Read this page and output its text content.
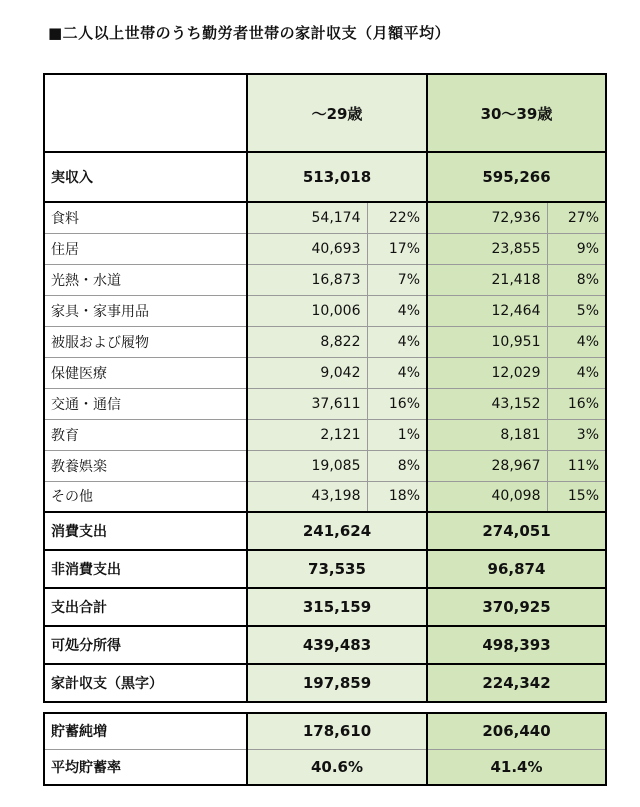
■二人以上世帯のうち勤労者世帯の家計収支（月額平均）
	～29歳		30～39歳	
実収入	513,018		595,266	
食料	54,174	22%	72,936	27%
住居	40,693	17%	23,855	9%
光熱・水道	16,873	7%	21,418	8%
家具・家事用品	10,006	4%	12,464	5%
被服および履物	8,822	4%	10,951	4%
保健医療	9,042	4%	12,029	4%
交通・通信	37,611	16%	43,152	16%
教育	2,121	1%	8,181	3%
教養娯楽	19,085	8%	28,967	11%
その他	43,198	18%	40,098	15%
消費支出	241,624		274,051	
非消費支出	73,535		96,874	
支出合計	315,159		370,925	
可処分所得	439,483		498,393	
家計収支（黒字）	197,859		224,342	
貯蓄純増	178,610	206,440
平均貯蓄率	40.6%	41.4%
